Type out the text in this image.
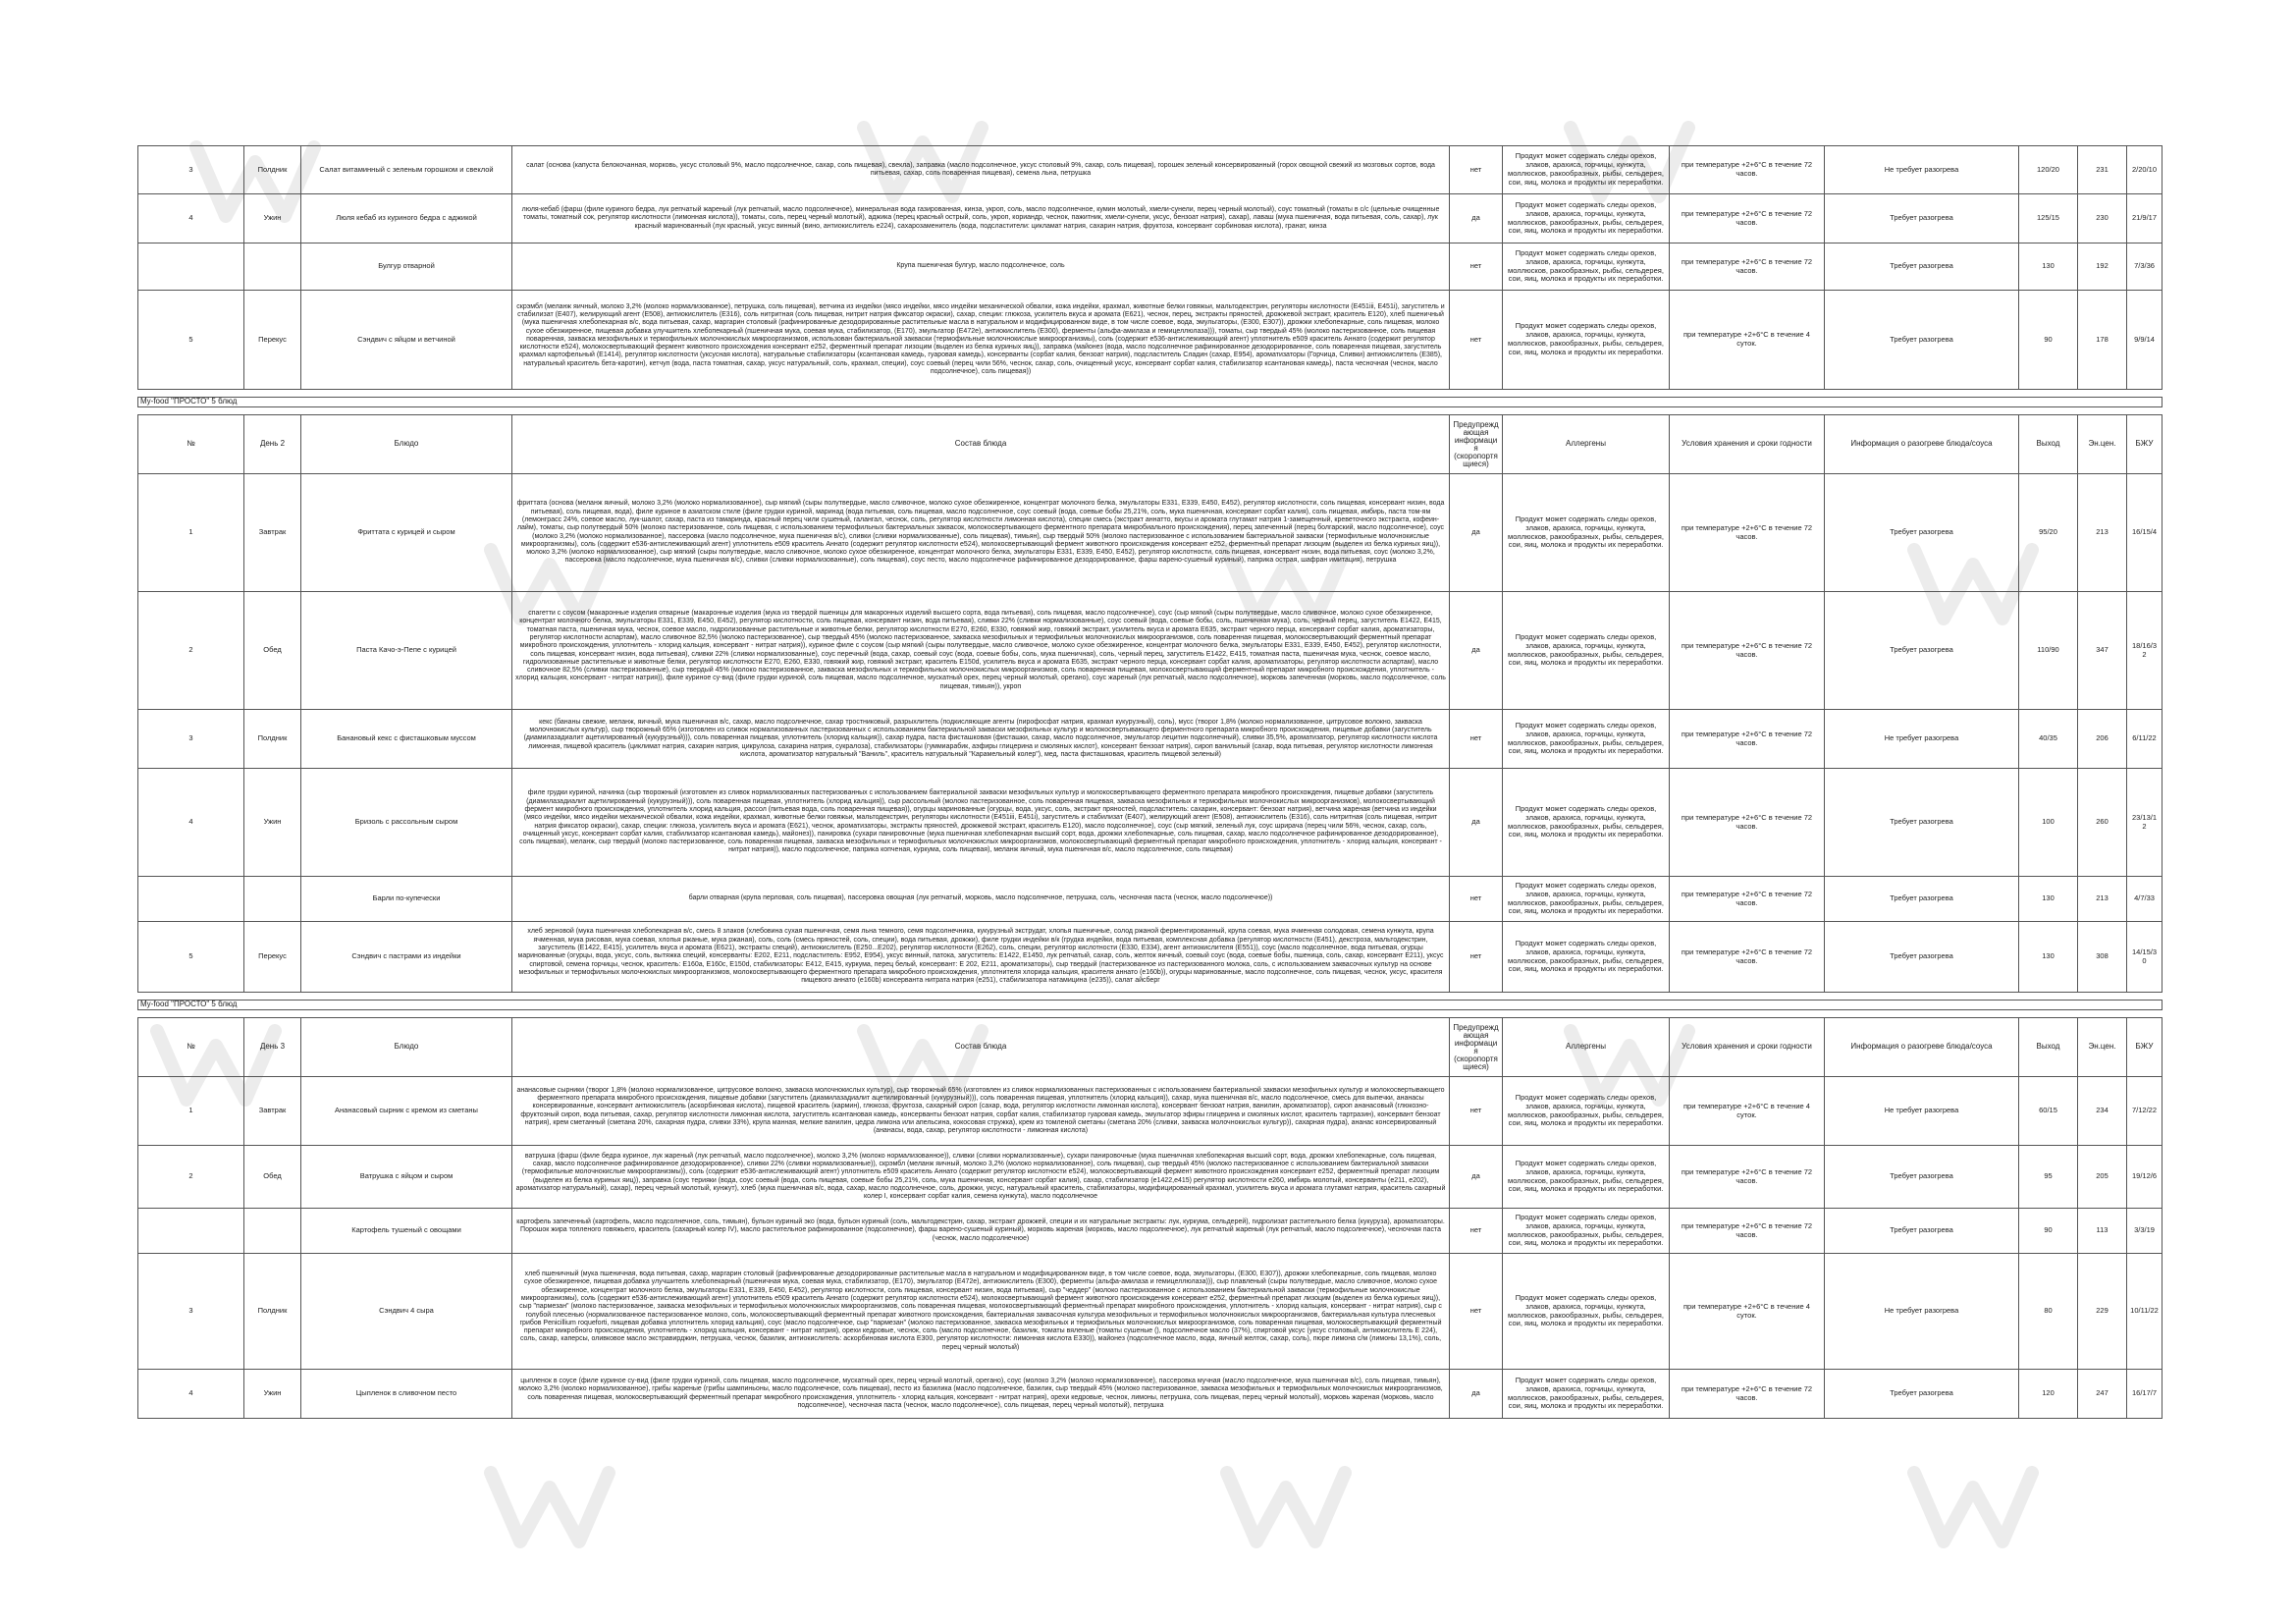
3	Полдник	Салат витаминный с зеленым горошком и свеклой	салат (основа (капуста белокочанная, морковь, уксус столовый 9%, масло подсолнечное, сахар, соль пищевая), свекла), заправка (масло подсолнечное, уксус столовый 9%, сахар, соль пищевая), горошек зеленый консервированный (горох овощной свежий из мозговых сортов, вода питьевая, сахар, соль поваренная пищевая), семена льна, петрушка	нет	Продукт может содержать следы орехов, злаков, арахиса, горчицы, кунжута, моллюсков, ракообразных, рыбы, сельдерея, сои, яиц, молока и продукты их переработки.	при температуре +2+6°С в течение 72 часов.	Не требует разогрева	120/20	231	2/20/10
4	Ужин	Люля кебаб из куриного бедра с аджикой	люля-кебаб (фарш (филе куриного бедра, лук репчатый жареный (лук репчатый, масло подсолнечное), минеральная вода газированная, кинза, укроп, соль, масло подсолнечное, кумин молотый, хмели-сунели, перец черный молотый), соус томатный (томаты в с/с (цельные очищенные томаты, томатный сок, регулятор кислотности (лимонная кислота)), томаты, соль, перец черный молотый), аджика (перец красный острый, соль, укроп, кориандр, чеснок, пажитник, хмели-сунели, уксус, бензоат натрия), сахар), лаваш (мука пшеничная, вода питьевая, соль, сахар), лук красный маринованный (лук красный, уксус винный (вино, антиокислитель е224), сахарозаменитель (вода, подсластители: цикламат натрия, сахарин натрия, фруктоза, консервант сорбиновая кислота), гранат, кинза	да	Продукт может содержать следы орехов, злаков, арахиса, горчицы, кунжута, моллюсков, ракообразных, рыбы, сельдерея, сои, яиц, молока и продукты их переработки.	при температуре +2+6°С в течение 72 часов.	Требует разогрева	125/15	230	21/9/17
		Булгур отварной	Крупа пшеничная булгур, масло подсолнечное, соль	нет	Продукт может содержать следы орехов, злаков, арахиса, горчицы, кунжута, моллюсков, ракообразных, рыбы, сельдерея, сои, яиц, молока и продукты их переработки.	при температуре +2+6°С в течение 72 часов.	Требует разогрева	130	192	7/3/36
5	Перекус	Сэндвич с яйцом и ветчиной	скрэмбл (меланж яичный, молоко 3,2% (молоко нормализованное), петрушка, соль пищевая), ветчина из индейки (мясо индейки, мясо индейки механической обвалки, кожа индейки, крахмал, животные белки говяжьи, мальтодекстрин, регуляторы кислотности (E451iii, E451i), загуститель и стабилизат (E407), желирующий агент (E508), антиокислитель (E316), соль нитритная (соль пищевая, нитрит натрия фиксатор окраски), сахар, специи: глюкоза, усилитель вкуса и аромата (E621), чеснок, перец, экстракты пряностей, дрожжевой экстракт, краситель E120), хлеб пшеничный (мука пшеничная хлебопекарная в/с, вода питьевая, сахар, маргарин столовый (рафинированные дезодорированные растительные масла в натуральном и модифицированном виде, в том числе соевое, вода, эмульгаторы, (E300, E307)), дрожжи хлебопекарные, соль пищевая, молоко сухое обезжиренное, пищевая добавка улучшитель хлебопекарный (пшеничная мука, соевая мука, стабилизатор, (E170), эмульгатор (E472e), антиокислитель (E300), ферменты (альфа-амилаза и гемицеллюлаза))), томаты, сыр твердый 45% (молоко пастеризованное, соль пищевая поваренная, закваска мезофильных и термофильных молочнокислых микроорганизмов, использован бактериальной закваски (термофильные молочнокислые микроорганизмы), соль (содержит e536-антислеживающий агент) уплотнитель e509 краситель Аннато (содержит регулятор кислотности е524), молокосвертывающий фермент животного происхождения консервант e252, ферментный препарат лизоцим (выделен из белка куриных яиц)), заправка (майонез (вода, масло подсолнечное рафинированное дезодорированное, соль поваренная пищевая, загуститель крахмал картофельный (E1414), регулятор кислотности (уксусная кислота), натуральные стабилизаторы (ксантановая камедь, гуаровая камедь), консерванты (сорбат калия, бензоат натрия), подсластитель Сладин (сахар, E954), ароматизаторы (Горчица, Сливки) антиокислитель (E385), натуральный краситель бета-каротин), кетчуп (вода, паста томатная, сахар, уксус натуральный, соль, крахмал, специи), соус соевый (перец чили 56%, чеснок, сахар, соль, очищенный уксус, консервант сорбат калия, стабилизатор ксантановая камедь), паста чесночная (чеснок, масло подсолнечное), соль пищевая))	нет	Продукт может содержать следы орехов, злаков, арахиса, горчицы, кунжута, моллюсков, ракообразных, рыбы, сельдерея, сои, яиц, молока и продукты их переработки.	при температуре +2+6°С в течение 4 суток.	Требует разогрева	90	178	9/9/14

My-food "ПРОСТО" 5 блюд										

№	День 2	Блюдо	Состав блюда	Предупреждающая информация (скоропортящиеся)	Аллергены	Условия хранения и сроки годности	Информация о разогреве блюда/соуса	Выход	Эн.цен.	БЖУ
1	Завтрак	Фриттата с курицей и сыром	фриттата (основа (меланж яичный, молоко 3,2% (молоко нормализованное), сыр мягкий (сыры полутвердые, масло сливочное, молоко сухое обезжиренное, концентрат молочного белка, эмульгаторы E331, E339, E450, E452), регулятор кислотности, соль пищевая, консервант низин, вода питьевая), соль пищевая, вода), филе куриное в азиатском стиле (филе грудки куриной, маринад (вода питьевая, соль пищевая, масло подсолнечное, соус соевый (вода, соевые бобы 25,21%, соль, мука пшеничная, консервант сорбат калия), соль пищевая, имбирь, паста том-ям (лемонграсс 24%, соевое масло, лук-шалот, сахар, паста из тамаринда, красный перец чили сушеный, галангал, чеснок, соль, регулятор кислотности лимонная кислота), специи смесь (экстракт аннатто, вкусы и аромата глутамат натрия 1-замещенный, креветочного экстракта, кофеин-лайм), томаты, сыр полутвердый 50% (молоко пастеризованное, соль пищевая, с использованием термофильных бактериальных заквасок, молокосвертывающего ферментного препарата микробиального происхождения), перец запеченный (перец болгарский, масло подсолнечное), соус (молоко 3,2% (молоко нормализованное), пассеровка (масло подсолнечное, мука пшеничная в/с), сливки (сливки нормализованные), соль пищевая), тимьян), сыр твердый 50% (молоко пастеризованное с использованием бактериальной закваски (термофильные молочнокислые микроорганизмы), соль (содержит e536-антислеживающий агент) уплотнитель e509 краситель Аннато (содержит регулятор кислотности е524), молокосвертывающий фермент животного происхождения консервант e252, ферментный препарат лизоцим (выделен из белка куриных яиц)), молоко 3,2% (молоко нормализованное), сыр мягкий (сыры полутвердые, масло сливочное, молоко сухое обезжиренное, концентрат молочного белка, эмульгаторы E331, E339, E450, E452), регулятор кислотности, соль пищевая, консервант низин, вода питьевая, соус (молоко 3,2%, пассеровка (масло подсолнечное, мука пшеничная в/с), сливки (сливки нормализованные), соль пищевая), соус песто, масло подсолнечное рафинированное дезодорированное, фарш варено-сушеный куриный), паприка острая, шафран имитация), петрушка	да	Продукт может содержать следы орехов, злаков, арахиса, горчицы, кунжута, моллюсков, ракообразных, рыбы, сельдерея, сои, яиц, молока и продукты их переработки.	при температуре +2+6°С в течение 72 часов.	Требует разогрева	95/20	213	16/15/4
2	Обед	Паста Качо-э-Пепе с курицей	спагетти с соусом (макаронные изделия отварные (макаронные изделия (мука из твердой пшеницы для макаронных изделий высшего сорта, вода питьевая), соль пищевая, масло подсолнечное), соус (сыр мягкий (сыры полутвердые, масло сливочное, молоко сухое обезжиренное, концентрат молочного белка, эмульгаторы E331, E339, E450, E452), регулятор кислотности, соль пищевая, консервант низин, вода питьевая), сливки 22% (сливки нормализованные), соус соевый (вода, соевые бобы, соль, пшеничная мука), соль, черный перец, загуститель E1422, E415, томатная паста, пшеничная мука, чеснок, соевое масло, гидролизованные растительные и животные белки, регулятор кислотности E270, E260, E330, говяжий жир, говяжий экстракт, усилитель вкуса и аромата E635, экстракт черного перца, консервант сорбат калия, ароматизаторы, регулятор кислотности аспартам), масло сливочное 82,5% (молоко пастеризованное), сыр твердый 45% (молоко пастеризованное, закваска мезофильных и термофильных молочнокислых микроорганизмов, соль поваренная пищевая, молокосвертывающий ферментный препарат микробного происхождения, уплотнитель - хлорид кальция, консервант - нитрат натрия)), куриное филе с соусом (сыр мягкий (сыры полутвердые, масло сливочное, молоко сухое обезжиренное, концентрат молочного белка, эмульгаторы E331, E339, E450, E452), регулятор кислотности, соль пищевая, консервант низин, вода питьевая), сливки 22% (сливки нормализованные), соус перечный (вода, сахар, соевый соус (вода, соевые бобы, соль, мука пшеничная), соль, черный перец, загуститель E1422, E415, томатная паста, пшеничная мука, чеснок, соевое масло, гидролизованные растительные и животные белки, регулятор кислотности E270, E260, E330, говяжий жир, говяжий экстракт, краситель E150d, усилитель вкуса и аромата E635, экстракт черного перца, консервант сорбат калия, ароматизаторы, регулятор кислотности аспартам), масло сливочное 82,5% (сливки пастеризованные), сыр твердый 45% (молоко пастеризованное, закваска мезофильных и термофильных молочнокислых микроорганизмов, соль поваренная пищевая, молокосвертывающий ферментный препарат микробного происхождения, уплотнитель - хлорид кальция, консервант - нитрат натрия)), филе куриное су-вид (филе грудки куриной, соль пищевая, масло подсолнечное, мускатный орех, перец черный молотый, орегано), соус жареный (лук репчатый, масло подсолнечное), морковь запеченная (морковь, масло подсолнечное, соль пищевая, тимьян)), укроп	да	Продукт может содержать следы орехов, злаков, арахиса, горчицы, кунжута, моллюсков, ракообразных, рыбы, сельдерея, сои, яиц, молока и продукты их переработки.	при температуре +2+6°С в течение 72 часов.	Требует разогрева	110/90	347	18/16/32
3	Полдник	Банановый кекс с фисташковым муссом	кекс (бананы свежие, меланж, яичный, мука пшеничная в/с, сахар, масло подсолнечное, сахар тростниковый, разрыхлитель (подкисляющие агенты (пирофосфат натрия, крахмал кукурузный), соль), мусс (творог 1,8% (молоко нормализованное, цитрусовое волокно, закваска молочнокислых культур), сыр творожный 65% (изготовлен из сливок нормализованных пастеризованных с использованием бактериальной закваски мезофильных культур и молокосвертывающего ферментного препарата микробного происхождения, пищевые добавки (загуститель (диамилазадиалит ацетилированный (кукурузный))), соль поваренная пищевая, уплотнитель (хлорид кальция)), сахар пудра, паста фисташковая (фисташки, сахар, масло подсолнечное, эмульгатор лецитин подсолнечный), сливки 35,5%, ароматизатор, регулятор кислотности кислота лимонная, пищевой краситель (циклимат натрия, сахарин натрия, цикрулоза, сахарина натрия, сукралоза), стабилизаторы (гуммиарабик, аэфиры глицерина и смоляных кислот), консервант бензоат натрия), сироп ванильный (сахар, вода питьевая, регулятор кислотности лимонная кислота, ароматизатор натуральный "Ваниль", краситель натуральный "Карамельный колер"), мед, паста фисташковая, краситель пищевой зеленый)	нет	Продукт может содержать следы орехов, злаков, арахиса, горчицы, кунжута, моллюсков, ракообразных, рыбы, сельдерея, сои, яиц, молока и продукты их переработки.	при температуре +2+6°С в течение 72 часов.	Не требует разогрева	40/35	206	6/11/22
4	Ужин	Бризоль с рассольным сыром	филе грудки куриной, начинка (сыр творожный (изготовлен из сливок нормализованных пастеризованных с использованием бактериальной закваски мезофильных культур и молокосвертывающего ферментного препарата микробного происхождения, пищевые добавки (загуститель (диамилазадиалит ацетилированный (кукурузный))), соль поваренная пищевая, уплотнитель (хлорид кальция)), сыр рассольный (молоко пастеризованное, соль поваренная пищевая, закваска мезофильных и термофильных молочнокислых микроорганизмов), молокосвертывающий фермент микробного происхождения, уплотнитель хлорид кальция, рассол (питьевая вода, соль поваренная пищевая)), огурцы маринованные (огурцы, вода, уксус, соль, экстракт пряностей, подсластитель: сахарин, консервант: бензоат натрия), ветчина жареная (ветчина из индейки (мясо индейки, мясо индейки механической обвалки, кожа индейки, крахмал, животные белки говяжьи, мальтодекстрин, регуляторы кислотности (E451iii, E451i), загуститель и стабилизат (E407), желирующий агент (E508), антиокислитель (E316), соль нитритная (соль пищевая, нитрит натрия фиксатор окраски), сахар, специи: глюкоза, усилитель вкуса и аромата (E621), чеснок, ароматизаторы, экстракты пряностей, дрожжевой экстракт, краситель E120), масло подсолнечное), соус (сыр мягкий, зеленый лук, соус шрирача (перец чили 56%, чеснок, сахар, соль, очищенный уксус, консервант сорбат калия, стабилизатор ксантановая камедь), майонез)), панировка (сухари панировочные (мука пшеничная хлебопекарная высший сорт, вода, дрожжи хлебопекарные, соль пищевая, сахар, масло подсолнечное рафинированное дезодорированное), соль пищевая), меланж, сыр твердый (молоко пастеризованное, соль поваренная пищевая, закваска мезофильных и термофильных молочнокислых микроорганизмов, молокосвертывающий ферментный препарат микробного происхождения, уплотнитель - хлорид кальция, консервант - нитрат натрия)), масло подсолнечное, паприка копченая, куркума, соль пищевая), меланж яичный, мука пшеничная в/с, масло подсолнечное, соль пищевая)	да	Продукт может содержать следы орехов, злаков, арахиса, горчицы, кунжута, моллюсков, ракообразных, рыбы, сельдерея, сои, яиц, молока и продукты их переработки.	при температуре +2+6°С в течение 72 часов.	Требует разогрева	100	260	23/13/12
		Барли по-купечески	барли отварная (крупа перловая, соль пищевая), пассеровка овощная (лук репчатый, морковь, масло подсолнечное, петрушка, соль, чесночная паста (чеснок, масло подсолнечное))	нет	Продукт может содержать следы орехов, злаков, арахиса, горчицы, кунжута, моллюсков, ракообразных, рыбы, сельдерея, сои, яиц, молока и продукты их переработки.	при температуре +2+6°С в течение 72 часов.	Требует разогрева	130	213	4/7/33
5	Перекус	Сэндвич с пастрами из индейки	хлеб зерновой (мука пшеничная хлебопекарная в/с, смесь 8 злаков (хлебовина сухая пшеничная, семя льна темного, семя подсолнечника, кукурузный экструдат, хлопья пшеничные, солод ржаной ферментированный, крупа соевая, мука ячменная солодовая, семена кунжута, крупа ячменная, мука рисовая, мука соевая, хлопья ржаные, мука ржаная), соль, соль (смесь пряностей, соль, специи), вода питьевая, дрожжи), филе грудки индейки в/к (грудка индейки, вода питьевая, комплексная добавка (регулятор кислотности (E451), декстроза, мальтодекстрин, загуститель (E1422, E415), усилитель вкуса и аромата (E621), экстракты специй), антиокислитель (E250...E202), регулятор кислотности (E262), соль, специи, регулятор кислотности (E330, E334), агент антиокислителя (E551)), соус (масло подсолнечное, вода питьевая, огурцы маринованные (огурцы, вода, уксус, соль, вытяжка специй, консерванты: E202, E211, подсластитель: E952, E954), уксус винный, патока, загуститель: E1422, E1450, лук репчатый, сахар, соль, желток яичный, соевый соус (вода, соевые бобы, пшеница, соль, сахар, консервант E211), уксус спиртовой, семена горчицы, чеснок, краситель: E160a, E160c, E150d, стабилизаторы: E412, E415, куркума, перец белый, консервант: E 202, E211, ароматизаторы), сыр твердый (пастеризованное из пастеризованного молока, соль, с использованием заквасочных культур на основе мезофильных и термофильных молочнокислых микроорганизмов, молокосвертывающего ферментного препарата микробного происхождения, уплотнителя хлорида кальция, красителя аннато (e160b)), огурцы маринованные, масло подсолнечное, соль пищевая, чеснок, уксус, красителя пищевого аннато (е160b) консерванта нитрата натрия (е251), стабилизатора натамицина (е235)), салат айсберг	нет	Продукт может содержать следы орехов, злаков, арахиса, горчицы, кунжута, моллюсков, ракообразных, рыбы, сельдерея, сои, яиц, молока и продукты их переработки.	при температуре +2+6°С в течение 72 часов.	Требует разогрева	130	308	14/15/30

My-food "ПРОСТО" 5 блюд										

№	День 3	Блюдо	Состав блюда	Предупреждающая информация (скоропортящиеся)	Аллергены	Условия хранения и сроки годности	Информация о разогреве блюда/соуса	Выход	Эн.цен.	БЖУ
1	Завтрак	Ананасовый сырник с кремом из сметаны	ананасовые сырники (творог 1,8% (молоко нормализованное, цитрусовое волокно, закваска молочнокислых культур), сыр творожный 65% (изготовлен из сливок нормализованных пастеризованных с использованием бактериальной закваски мезофильных культур и молокосвертывающего ферментного препарата микробного происхождения, пищевые добавки (загуститель (диамилазадиалит ацетилированный (кукурузный))), соль поваренная пищевая, уплотнитель (хлорид кальция)), сахар, мука пшеничная в/с, масло подсолнечное, смесь для выпечки, ананасы консервированные, консервант антиокислитель (аскорбиновая кислота), пищевой краситель (кармин), глюкоза, фруктоза, сахарный сироп (сахар, вода, регулятор кислотности лимонная кислота), консервант бензоат натрия, ванилин, ароматизатор), сироп ананасовый (глюкозно-фруктозный сироп, вода питьевая, сахар, регулятор кислотности лимонная кислота, загуститель ксантановая камедь, консерванты бензоат натрия, сорбат калия, стабилизатор гуаровая камедь, эмульгатор эфиры глицерина и смоляных кислот, краситель тартразин), консервант бензоат натрия), крем сметанный (сметана 20%, сахарная пудра, сливки 33%), крупа манная, мелкие ванилин, цедра лимона или апельсина, кокосовая стружка), крем из томленой сметаны (сметана 20% (сливки, закваска молочнокислых культур)), сахарная пудра), ананас консервированный (ананасы, вода, сахар, регулятор кислотности - лимонная кислота)	нет	Продукт может содержать следы орехов, злаков, арахиса, горчицы, кунжута, моллюсков, ракообразных, рыбы, сельдерея, сои, яиц, молока и продукты их переработки.	при температуре +2+6°С в течение 4 суток.	Не требует разогрева	60/15	234	7/12/22
2	Обед	Ватрушка с яйцом и сыром	ватрушка (фарш (филе бедра куриное, лук жареный (лук репчатый, масло подсолнечное), молоко 3,2% (молоко нормализованное)), сливки (сливки нормализованные), сухари панировочные (мука пшеничная хлебопекарная высший сорт, вода, дрожжи хлебопекарные, соль пищевая, сахар, масло подсолнечное рафинированное дезодорированное), сливки 22% (сливки нормализованные)), скрэмбл (меланж яичный, молоко 3,2% (молоко нормализованное), соль пищевая), сыр твердый 45% (молоко пастеризованное с использованием бактериальной закваски (термофильные молочнокислые микроорганизмы)), соль (содержит e536-антислеживающий агент) уплотнитель e509 краситель Аннато (содержит регулятор кислотности е524), молокосвертывающий фермент животного происхождения консервант e252, ферментный препарат лизоцим (выделен из белка куриных яиц)), заправка (соус терияки (вода, соус соевый (вода, соль пищевая, соевые бобы 25,21%, соль, мука пшеничная, консервант сорбат калия), сахар, стабилизатор (e1422,e415) регулятор кислотности e260, имбирь молотый, консерванты (e211, e202), ароматизатор натуральный), сахар), перец черный молотый, кунжут), хлеб (мука пшеничная в/с, вода, сахар, масло подсолнечное, соль, дрожжи, уксус, натуральный краситель, стабилизаторы, модифицированный крахмал, усилитель вкуса и аромата глутамат натрия, краситель сахарный колер I, консервант сорбат калия, семена кунжута), масло подсолнечное	да	Продукт может содержать следы орехов, злаков, арахиса, горчицы, кунжута, моллюсков, ракообразных, рыбы, сельдерея, сои, яиц, молока и продукты их переработки.	при температуре +2+6°С в течение 72 часов.	Требует разогрева	95	205	19/12/6
		Картофель тушеный с овощами	картофель запеченный (картофель, масло подсолнечное, соль, тимьян), бульон куриный эко (вода, бульон куриный (соль, мальтодекстрин, сахар, экстракт дрожжей, специи и их натуральные экстракты: лук, куркума, сельдерей), гидролизат растительного белка (кукуруза), ароматизаторы. Порошок жира топленого говяжьего, краситель (сахарный колер IV), масло растительное рафинированное (подсолнечное), фарш варено-сушеный куриный), морковь жареная (морковь, масло подсолнечное), лук репчатый жареный (лук репчатый, масло подсолнечное), чесночная паста (чеснок, масло подсолнечное)	нет	Продукт может содержать следы орехов, злаков, арахиса, горчицы, кунжута, моллюсков, ракообразных, рыбы, сельдерея, сои, яиц, молока и продукты их переработки.	при температуре +2+6°С в течение 72 часов.	Требует разогрева	90	113	3/3/19
3	Полдник	Сэндвич 4 сыра	хлеб пшеничный (мука пшеничная, вода питьевая, сахар, маргарин столовый (рафинированные дезодорированные растительные масла в натуральном и модифицированном виде, в том числе соевое, вода, эмульгаторы, (E300, E307)), дрожжи хлебопекарные, соль пищевая, молоко сухое обезжиренное, пищевая добавка улучшитель хлебопекарный (пшеничная мука, соевая мука, стабилизатор, (E170), эмульгатор (E472e), антиокислитель (E300), ферменты (альфа-амилаза и гемицеллюлаза))), сыр плавленый (сыры полутвердые, масло сливочное, молоко сухое обезжиренное, концентрат молочного белка, эмульгаторы E331, E339, E450, E452), регулятор кислотности, соль пищевая, консервант низин, вода питьевая), сыр "чеддер" (молоко пастеризованное с использованием бактериальной закваски (термофильные молочнокислые микроорганизмы), соль (содержит e536-антислеживающий агент) уплотнитель e509 краситель Аннато (содержит регулятор кислотности е524), молокосвертывающий фермент животного происхождения консервант e252, ферментный препарат лизоцим (выделен из белка куриных яиц)), сыр "пармезан" (молоко пастеризованное, закваска мезофильных и термофильных молочнокислых микроорганизмов, соль поваренная пищевая, молокосвертывающий ферментный препарат микробного происхождения, уплотнитель - хлорид кальция, консервант - нитрат натрия), сыр с голубой плесенью (нормализованное пастеризованное молоко, соль, молокосвертывающий ферментный препарат животного происхождения, бактериальная заквасочная культура мезофильных и термофильных молочнокислых микроорганизмов, бактериальная культура плесневых грибов Penicillium roqueforti, пищевая добавка уплотнитель хлорид кальция), соус (масло подсолнечное, сыр "пармезан" (молоко пастеризованное, закваска мезофильных и термофильных молочнокислых микроорганизмов, соль поваренная пищевая, молокосвертывающий ферментный препарат микробного происхождения, уплотнитель - хлорид кальция, консервант - нитрат натрия), орехи кедровые, чеснок, соль (масло подсолнечное, базилик, томаты вяленые (томаты сушеные (), подсолнечное масло (37%), спиртовой уксус (уксус столовый, антиокислитель E 224), соль, сахар, каперсы, оливковое масло экстравирджин, петрушка, чеснок, базилик, антиокислитель: аскорбиновая кислота E300, регулятор кислотности: лимонная кислота E330)), майонез (подсолнечное масло, вода, яичный желток, сахар, соль), пюре лимона с/м (лимоны 13,1%), соль, перец черный молотый)	нет	Продукт может содержать следы орехов, злаков, арахиса, горчицы, кунжута, моллюсков, ракообразных, рыбы, сельдерея, сои, яиц, молока и продукты их переработки.	при температуре +2+6°С в течение 4 суток.	Не требует разогрева	80	229	10/11/22
4	Ужин	Цыпленок в сливочном песто	цыпленок в соусе (филе куриное су-вид (филе грудки куриной, соль пищевая, масло подсолнечное, мускатный орех, перец черный молотый, орегано), соус (молоко 3,2% (молоко нормализованное), пассеровка мучная (масло подсолнечное, мука пшеничная в/с), соль пищевая, тимьян), молоко 3,2% (молоко нормализованное), грибы жареные (грибы шампиньоны, масло подсолнечное, соль пищевая), песто из базилика (масло подсолнечное, базилик, сыр твердый 45% (молоко пастеризованное, закваска мезофильных и термофильных молочнокислых микроорганизмов, соль поваренная пищевая, молокосвертывающий ферментный препарат микробного происхождения, уплотнитель - хлорид кальция, консервант - нитрат натрия), орехи кедровые, чеснок, лимоны, петрушка, соль пищевая, перец черный молотый), морковь жареная (морковь, масло подсолнечное), чесночная паста (чеснок, масло подсолнечное), соль пищевая, перец черный молотый), петрушка	да	Продукт может содержать следы орехов, злаков, арахиса, горчицы, кунжута, моллюсков, ракообразных, рыбы, сельдерея, сои, яиц, молока и продукты их переработки.	при температуре +2+6°С в течение 72 часов.	Требует разогрева	120	247	16/17/7
